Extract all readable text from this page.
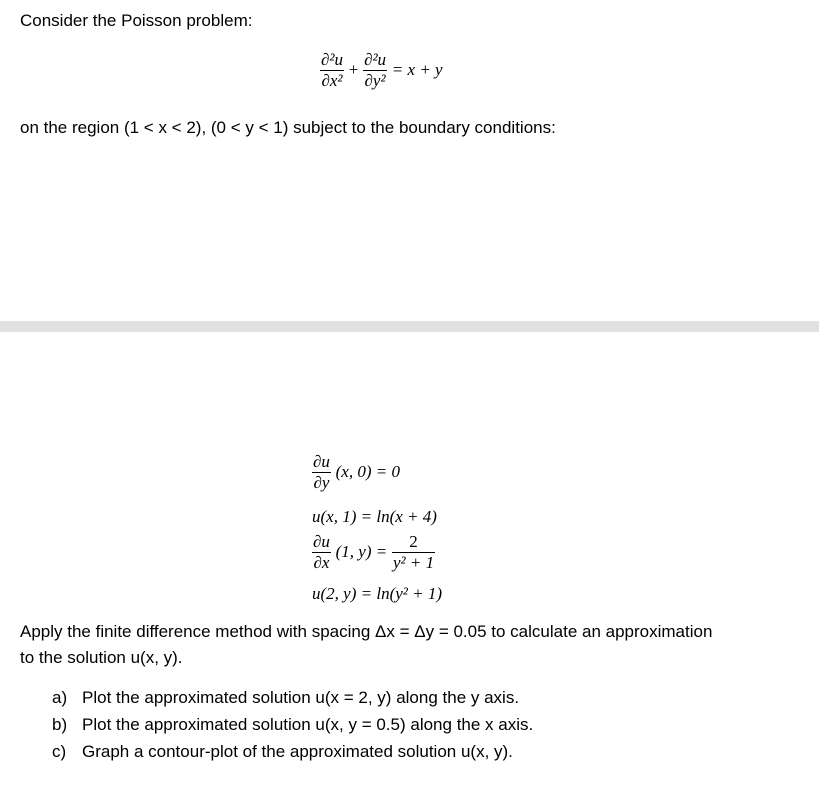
Consider the Poisson problem:
$\frac{\text{∂²u}}{\text{∂x²}} + \frac{\text{∂²u}}{\text{∂y²}} = x + y$
on the region (1 < x < 2), (0 < y < 1) subject to the boundary conditions:
$\frac{\partial u}{\partial y} (x$, 0) = 0
u(x, 1) = ln(x + 4)
$\frac{\partial u}{\partial x} (1$, $y) = \frac{2}{\text{y² + 1}}$
u(2, y) = ln(y² + 1)
Apply the finite difference method with spacing Δx = Δy = 0.05 to calculate an approximation
to the solution u(x, y).
a) Plot the approximated solution u(x = 2, y) along the y axis.
b) Plot the approximated solution u(x, y = 0.5) along the x axis.
c) Graph a contour-plot of the approximated solution u(x, y).
